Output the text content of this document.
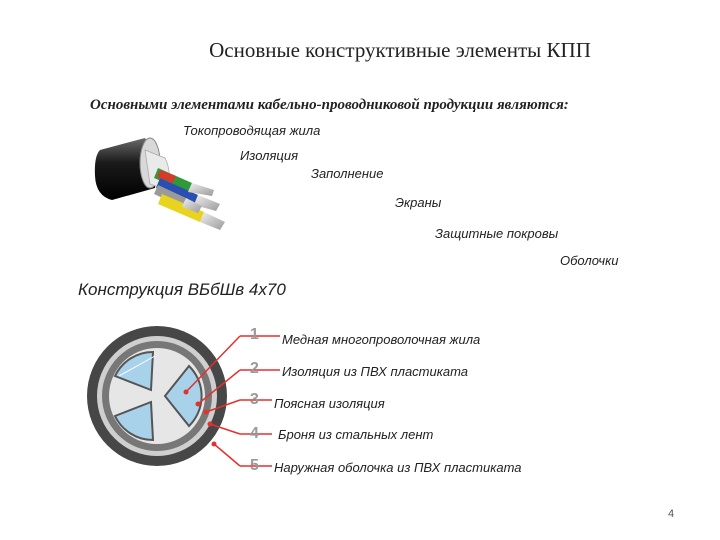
Основные конструктивные элементы КПП
Основными элементами кабельно-проводниковой продукции являются:
Токопроводящая жила
Изоляция
Заполнение
Экраны
Защитные покровы
Оболочки
Конструкция ВБбШв 4х70
1 Медная многопроволочная жила
2 Изоляция из ПВХ пластиката
3 Поясная изоляция
4 Броня из стальных лент
5 Наружная оболочка из ПВХ пластиката
4
